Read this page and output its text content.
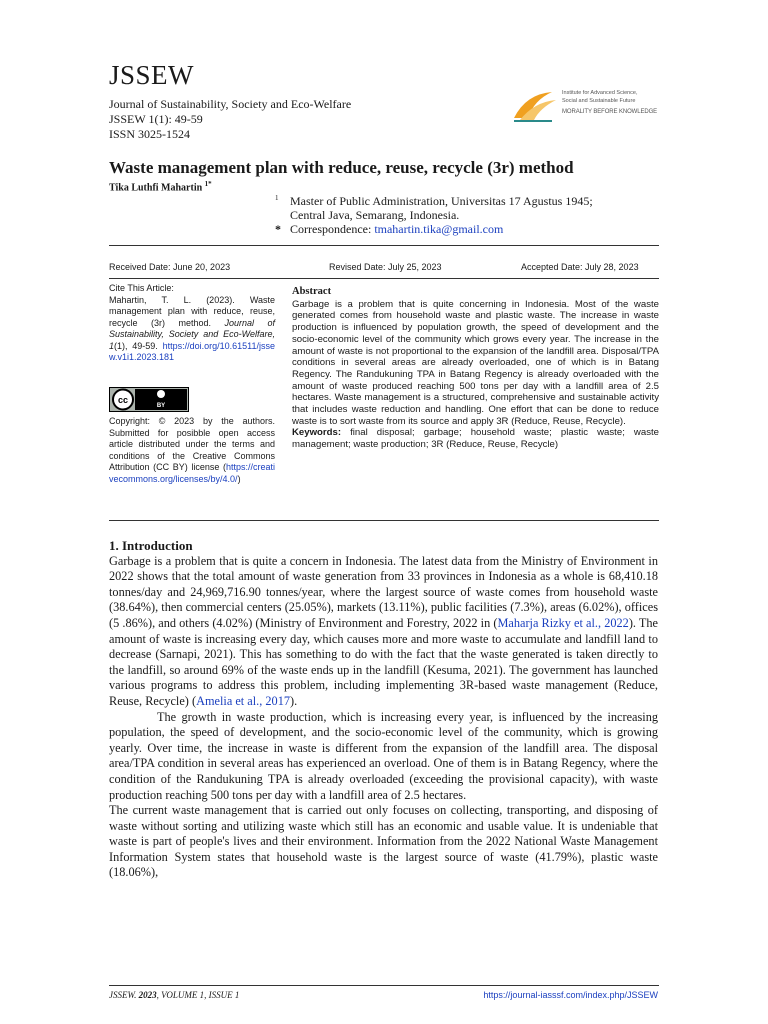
JSSEW
Journal of Sustainability, Society and Eco-Welfare
JSSEW 1(1): 49-59
ISSN 3025-1524
Institute for Advanced Science,
Social and Sustainable Future
MORALITY BEFORE KNOWLEDGE
Waste management plan with reduce, reuse, recycle (3r) method
Tika Luthfi Mahartin $^{1*}$
1 Master of Public Administration, Universitas 17 Agustus 1945;
Central Java, Semarang, Indonesia.
* Correspondence: tmahartin.tika@gmail.com
Received Date: June 20, 2023	Revised Date: July 25, 2023	Accepted Date: July 28, 2023

Cite This Article:

Mahartin, T. L. (2023). Waste management plan with reduce, reuse, recycle (3r) method. Journal of Sustainability, Society and Eco-Welfare, 1(1), 49-59. https://doi.org/10.61511/jssew.v1i1.2023.181

cc
BY

Copyright: © 2023 by the authors. Submitted for posibble open access article distributed under the terms and conditions of the Creative Commons Attribution (CC BY) license (https://creativecommons.org/licenses/by/4.0/)

Abstract

Garbage is a problem that is quite concerning in Indonesia. Most of the waste generated comes from household waste and plastic waste. The increase in waste production is influenced by population growth, the speed of development and the socio-economic level of the community which grows every year. The increase in the amount of waste is not proportional to the expansion of the landfill area. Disposal/TPA conditions in several areas are already overloaded, one of which is in Batang Regency. The Randukuning TPA in Batang Regency is already overloaded with the amount of waste produced reaching 500 tons per day with a landfill area of 2.5 hectares. Waste management is a structured, comprehensive and sustainable activity that includes waste reduction and handling. One effort that can be done to reduce waste is to sort waste from its source and apply 3R (Reduce, Reuse, Recycle).

Keywords: final disposal; garbage; household waste; plastic waste; waste management; waste production; 3R (Reduce, Reuse, Recycle)

1. Introduction

Garbage is a problem that is quite a concern in Indonesia. The latest data from the Ministry of Environment in 2022 shows that the total amount of waste generation from 33 provinces in Indonesia as a whole is 68,410.18 tonnes/day and 24,969,716.90 tonnes/year, where the largest source of waste comes from household waste (38.64%), then commercial centers (25.05%), markets (13.11%), public facilities (7.3%), areas (6.02%), offices (5 .86%), and others (4.02%) (Ministry of Environment and Forestry, 2022 in (Maharja Rizky et al., 2022). The amount of waste is increasing every day, which causes more and more waste to accumulate and landfill land to decrease (Sarnapi, 2021). This has something to do with the fact that the waste generated is taken directly to the landfill, so around 69% of the waste ends up in the landfill (Kesuma, 2021). The government has launched various programs to address this problem, including implementing 3R-based waste management (Reduce, Reuse, Recycle) (Amelia et al., 2017).

The growth in waste production, which is increasing every year, is influenced by the increasing population, the speed of development, and the socio-economic level of the community, which is growing yearly. Over time, the increase in waste is different from the expansion of the landfill area. The disposal area/TPA condition in several areas has experienced an overload. One of them is in Batang Regency, where the condition of the Randukuning TPA is already overloaded (exceeding the provisional capacity), with waste production reaching 500 tons per day with a landfill area of 2.5 hectares.

The current waste management that is carried out only focuses on collecting, transporting, and disposing of waste without sorting and utilizing waste which still has an economic and usable value. It is undeniable that waste is part of people's lives and their environment. Information from the 2022 National Waste Management Information System states that household waste is the largest source of waste (41.79%), plastic waste (18.06%),

JSSEW. 2023, VOLUME 1, ISSUE 1	https://journal-iasssf.com/index.php/JSSEW
